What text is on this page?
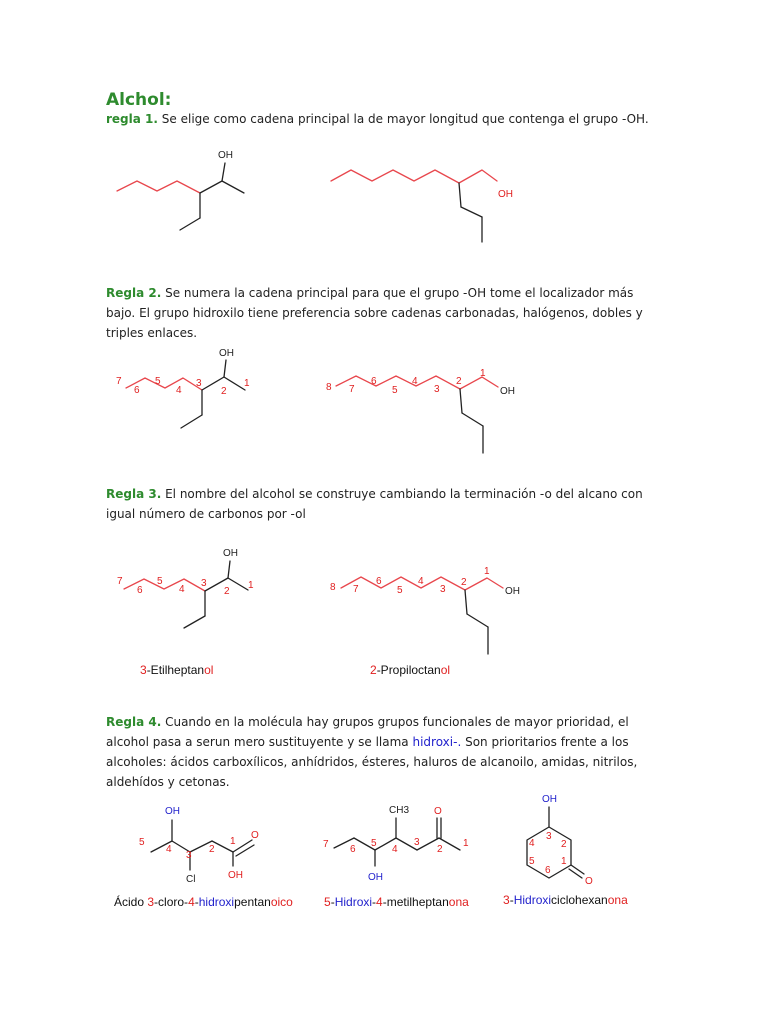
Alchol:
regla 1. Se elige como cadena principal la de mayor longitud que contenga el grupo -OH.
Regla 2. Se numera la cadena principal para que el grupo -OH tome el localizador más bajo. El grupo hidroxilo tiene preferencia sobre cadenas carbonadas, halógenos, dobles y triples enlaces.
Regla 3. El nombre del alcohol se construye cambiando la terminación -o del alcano con igual número de carbonos por -ol
Regla 4. Cuando en la molécula hay grupos grupos funcionales de mayor prioridad, el alcohol pasa a serun mero sustituyente y se llama hidroxi-. Son prioritarios frente a los alcoholes: ácidos carboxílicos, anhídridos, ésteres, haluros de alcanoilo, amidas, nitrilos, aldehídos y cetonas.
3-Etilheptanol	2-Propiloctanol
Ácido 3-cloro-4-hidroxipentanoico	5-Hidroxi-4-metilheptanona	3-Hidroxiciclohexanona
OH
OH
OH
OH
OH
OH
OH
Cl	OH
O
CH3
OH
O
OH
O
7
6
5
4
3
2
1	8 7
6
5
4
3
2
1
7
6
5
4
3
2
1	8 7
6
5
4
3
2
1
5
4
3
2
1	7 6
5
4
3
2
1
3
2
1
4
5
6
